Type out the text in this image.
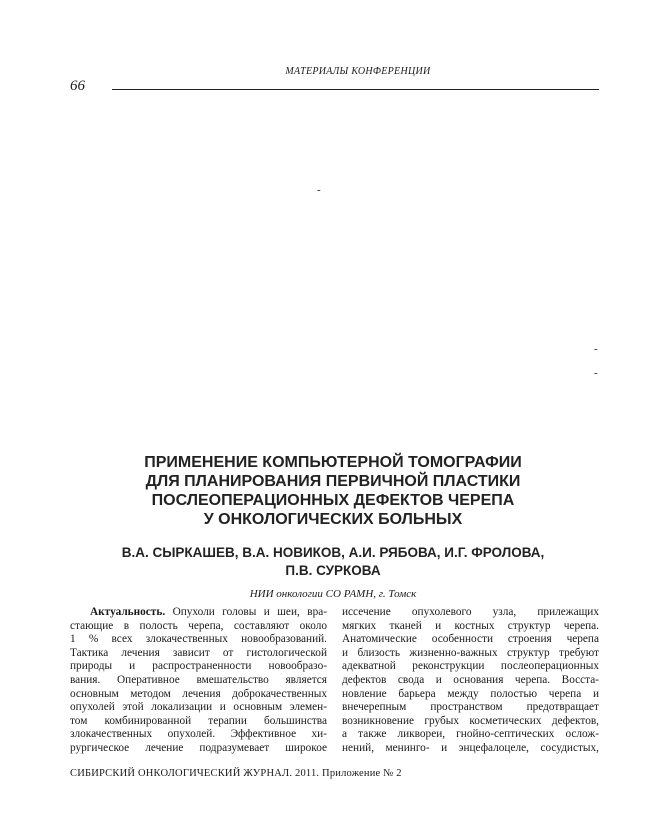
МАТЕРИАЛЫ КОНФЕРЕНЦИИ
66
-
-
-
ПРИМЕНЕНИЕ КОМПЬЮТЕРНОЙ ТОМОГРАФИИ
ДЛЯ ПЛАНИРОВАНИЯ ПЕРВИЧНОЙ ПЛАСТИКИ
ПОСЛЕОПЕРАЦИОННЫХ ДЕФЕКТОВ ЧЕРЕПА
У ОНКОЛОГИЧЕСКИХ БОЛЬНЫХ
В.А. СЫРКАШЕВ, В.А. НОВИКОВ, А.И. РЯБОВА, И.Г. ФРОЛОВА,
П.В. СУРКОВА
НИИ онкологии СО РАМН, г. Томск
Актуальность. Опухоли головы и шеи, вра-
стающие в полость черепа, составляют около
1 % всех злокачественных новообразований.
Тактика лечения зависит от гистологической
природы и распространенности новообразо-
вания. Оперативное вмешательство является
основным методом лечения доброкачественных
опухолей этой локализации и основным элемен-
том комбинированной терапии большинства
злокачественных опухолей. Эффективное хи-
рургическое лечение подразумевает широкое
иссечение опухолевого узла, прилежащих
мягких тканей и костных структур черепа.
Анатомические особенности строения черепа
и близость жизненно-важных структур требуют
адекватной реконструкции послеоперационных
дефектов свода и основания черепа. Восста-
новление барьера между полостью черепа и
внечерепным пространством предотвращает
возникновение грубых косметических дефектов,
а также ликвореи, гнойно-септических ослож-
нений, менинго- и энцефалоцеле, сосудистых,
СИБИРСКИЙ ОНКОЛОГИЧЕСКИЙ ЖУРНАЛ. 2011. Приложение № 2
